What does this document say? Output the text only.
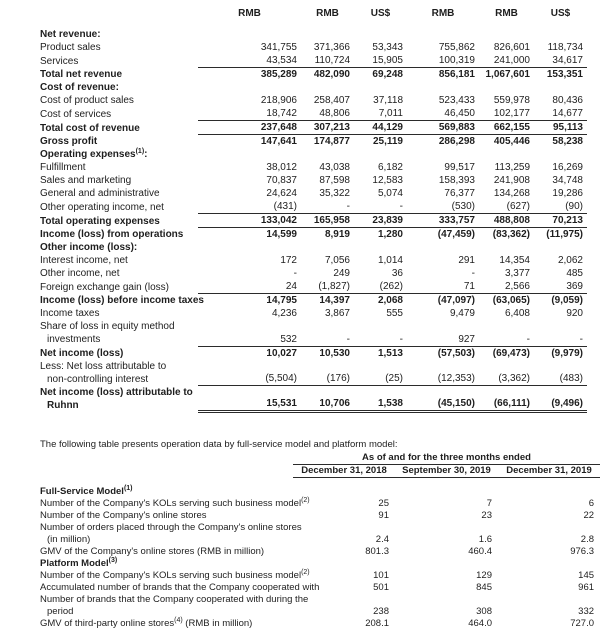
	RMB	RMB	US$	RMB	RMB	US$

Net revenue:						

Product sales	341,755	371,366	53,343	755,862	826,601	118,734

Services	43,534	110,724	15,905	100,319	241,000	34,617

Total net revenue	385,289	482,090	69,248	856,181	1,067,601	153,351

Cost of revenue:						

Cost of product sales	218,906	258,407	37,118	523,433	559,978	80,436

Cost of services	18,742	48,806	7,011	46,450	102,177	14,677

Total cost of revenue	237,648	307,213	44,129	569,883	662,155	95,113

Gross profit	147,641	174,877	25,119	286,298	405,446	58,238

Operating expenses$^{(1)}$:						

Fulfillment	38,012	43,038	6,182	99,517	113,259	16,269

Sales and marketing	70,837	87,598	12,583	158,393	241,908	34,748

General and administrative	24,624	35,322	5,074	76,377	134,268	19,286

Other operating income, net	(431)	-	-	(530)	(627)	(90)

Total operating expenses	133,042	165,958	23,839	333,757	488,808	70,213

Income (loss) from operations	14,599	8,919	1,280	(47,459)	(83,362)	(11,975)

Other income (loss):						

Interest income, net	172	7,056	1,014	291	14,354	2,062

Other income, net	-	249	36	-	3,377	485

Foreign exchange gain (loss)	24	(1,827)	(262)	71	2,566	369

Income (loss) before income taxes	14,795	14,397	2,068	(47,097)	(63,065)	(9,059)

Income taxes	4,236	3,867	555	9,479	6,408	920

Share of loss in equity method
investments	532	-	-	927	-	-

Net income (loss)	10,027	10,530	1,513	(57,503)	(69,473)	(9,979)

Less: Net loss attributable to
non-controlling interest	(5,504)	(176)	(25)	(12,353)	(3,362)	(483)

Net income (loss) attributable to
Ruhnn	15,531	10,706	1,538	(45,150)	(66,111)	(9,496)
The following table presents operation data by full-service model and platform model:
	As of and for the three months ended		
	December 31, 2018	September 30, 2019	December 31, 2019

Full-Service Model$^{(1)}$

Number of the Company's KOLs serving such business model$^{(2)}$	25	7	6

Number of the Company's online stores	91	23	22

Number of orders placed through the Company's online stores
(in million)	2.4	1.6	2.8

GMV of the Company's online stores (RMB in million)	801.3	460.4	976.3

Platform Model$^{(3)}$

Number of the Company's KOLs serving such business model$^{(2)}$	101	129	145

Accumulated number of brands that the Company cooperated with	501	845	961

Number of brands that the Company cooperated with during the
period	238	308	332

GMV of third-party online stores$^{(4)}$ (RMB in million)	208.1	464.0	727.0
